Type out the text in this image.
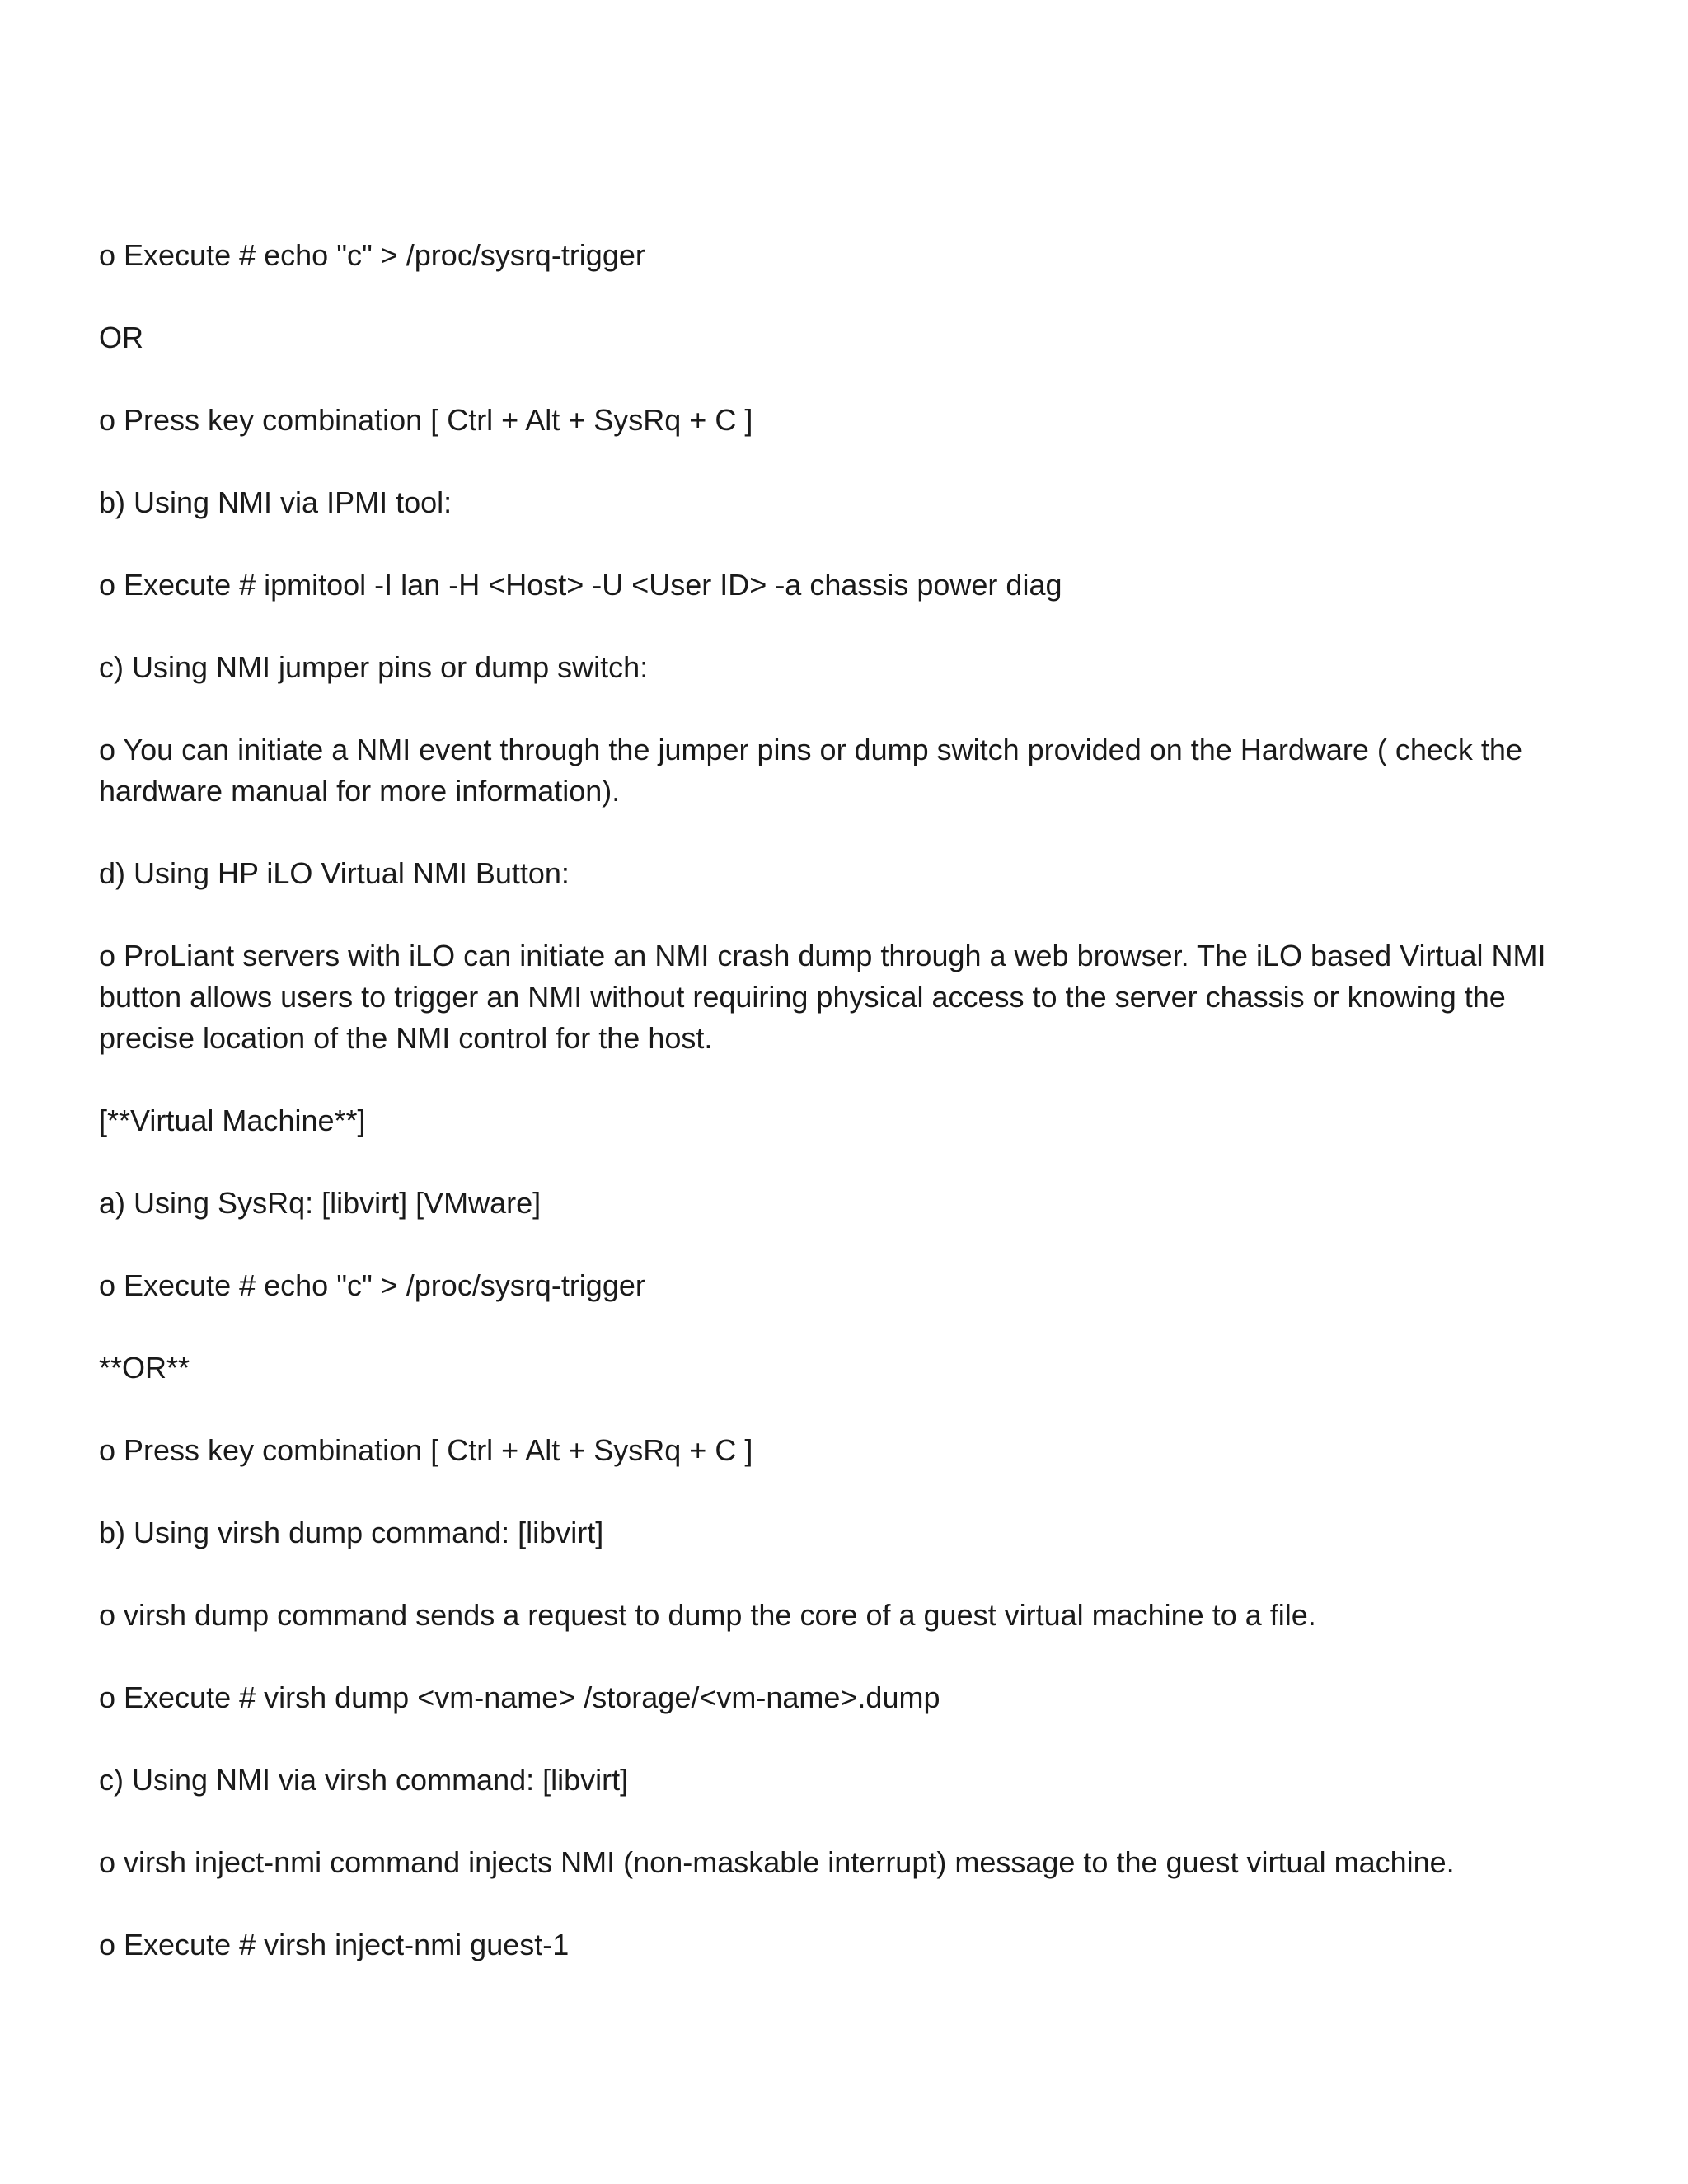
o Execute # echo "c" > /proc/sysrq-trigger

OR

o Press key combination [ Ctrl + Alt + SysRq + C ]

b) Using NMI via IPMI tool:

o Execute # ipmitool -I lan -H <Host> -U <User ID> -a chassis power diag

c) Using NMI jumper pins or dump switch:

o You can initiate a NMI event through the jumper pins or dump switch provided on the Hardware ( check the hardware manual for more information).

d) Using HP iLO Virtual NMI Button:

o ProLiant servers with iLO can initiate an NMI crash dump through a web browser. The iLO based Virtual NMI button allows users to trigger an NMI without requiring physical access to the server chassis or knowing the precise location of the NMI control for the host.

[**Virtual Machine**]

a) Using SysRq: [libvirt] [VMware]

o Execute # echo "c" > /proc/sysrq-trigger

**OR**

o Press key combination [ Ctrl + Alt + SysRq + C ]

b) Using virsh dump command: [libvirt]

o virsh dump command sends a request to dump the core of a guest virtual machine to a file.

o Execute # virsh dump <vm-name> /storage/<vm-name>.dump

c) Using NMI via virsh command: [libvirt]

o virsh inject-nmi command injects NMI (non-maskable interrupt) message to the guest virtual machine.

o Execute # virsh inject-nmi guest-1
